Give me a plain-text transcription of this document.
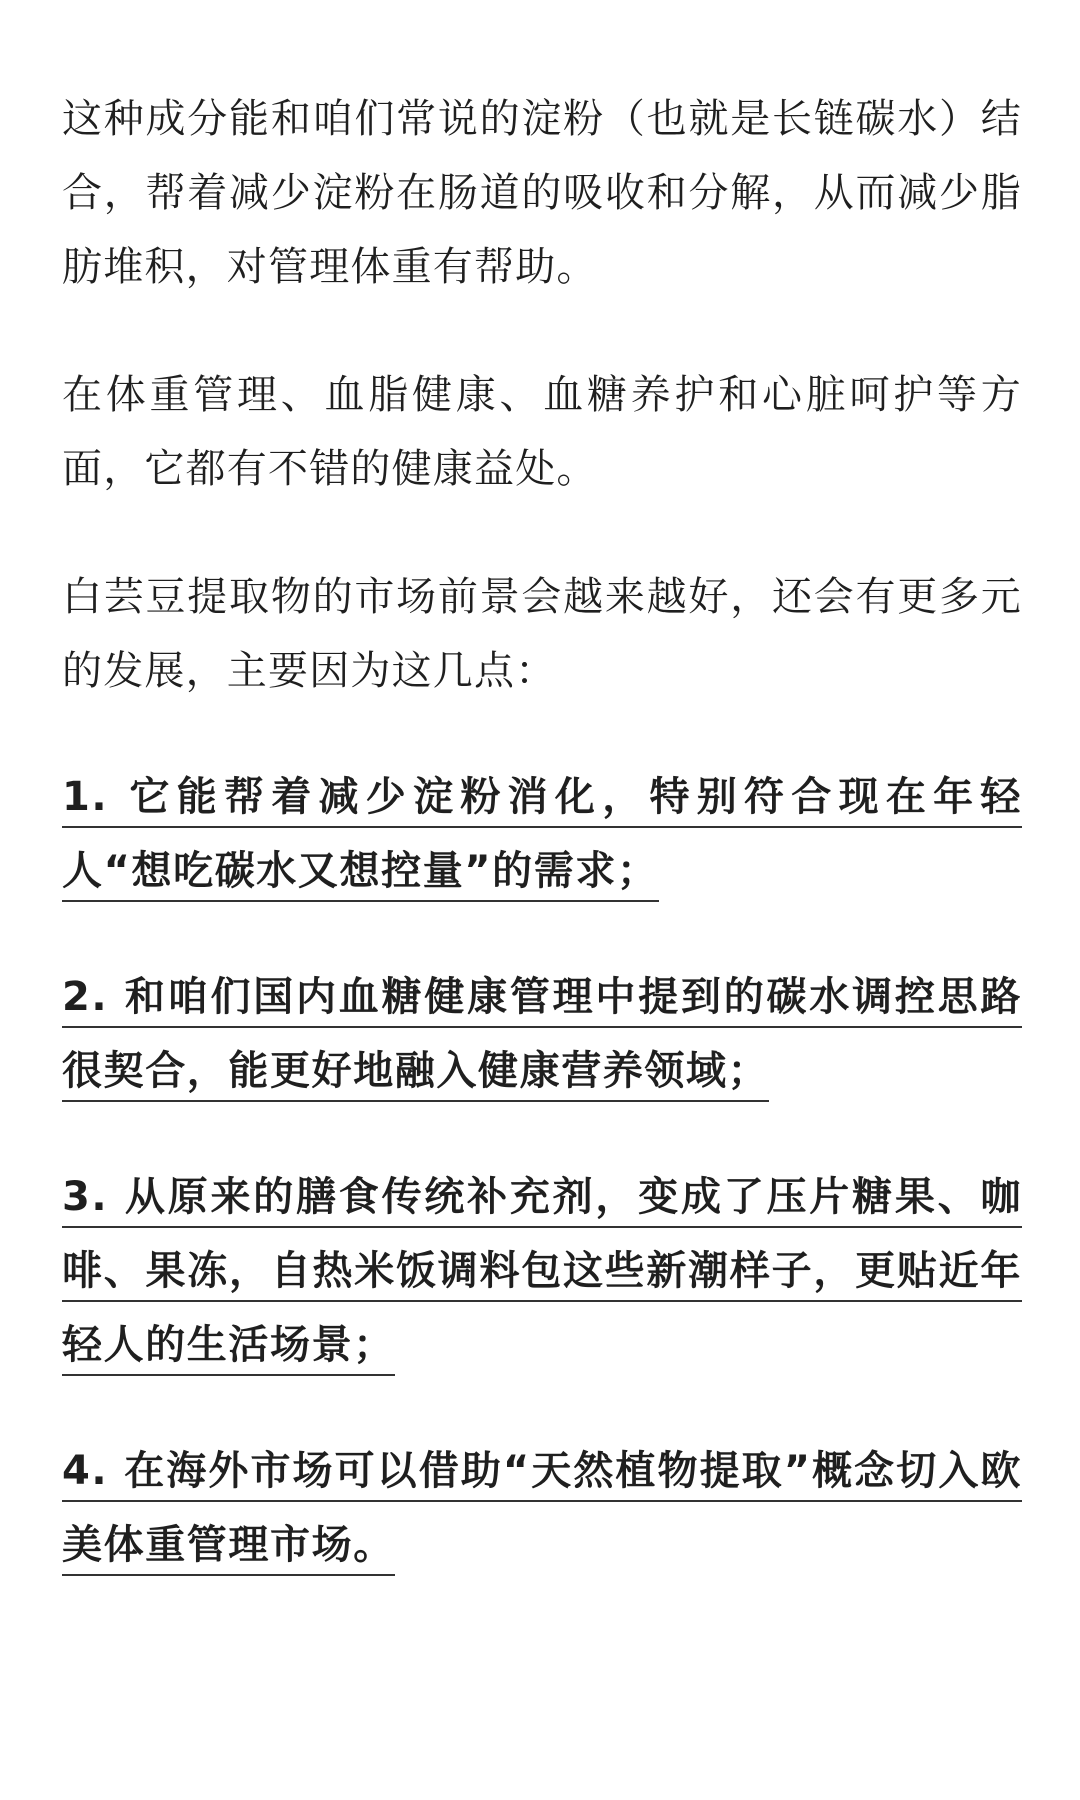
这种成分能和咱们常说的淀粉（也就是长链碳水）结合，帮着减少淀粉在肠道的吸收和分解，从而减少脂肪堆积，对管理体重有帮助。

在体重管理、血脂健康、血糖养护和心脏呵护等方面，它都有不错的健康益处。

白芸豆提取物的市场前景会越来越好，还会有更多元的发展，主要因为这几点：

1. 它能帮着减少淀粉消化，特别符合现在年轻人“想吃碳水又想控量”的需求；

2. 和咱们国内血糖健康管理中提到的碳水调控思路很契合，能更好地融入健康营养领域；

3. 从原来的膳食传统补充剂，变成了压片糖果、咖啡、果冻，自热米饭调料包这些新潮样子，更贴近年轻人的生活场景；

4. 在海外市场可以借助“天然植物提取”概念切入欧美体重管理市场。
